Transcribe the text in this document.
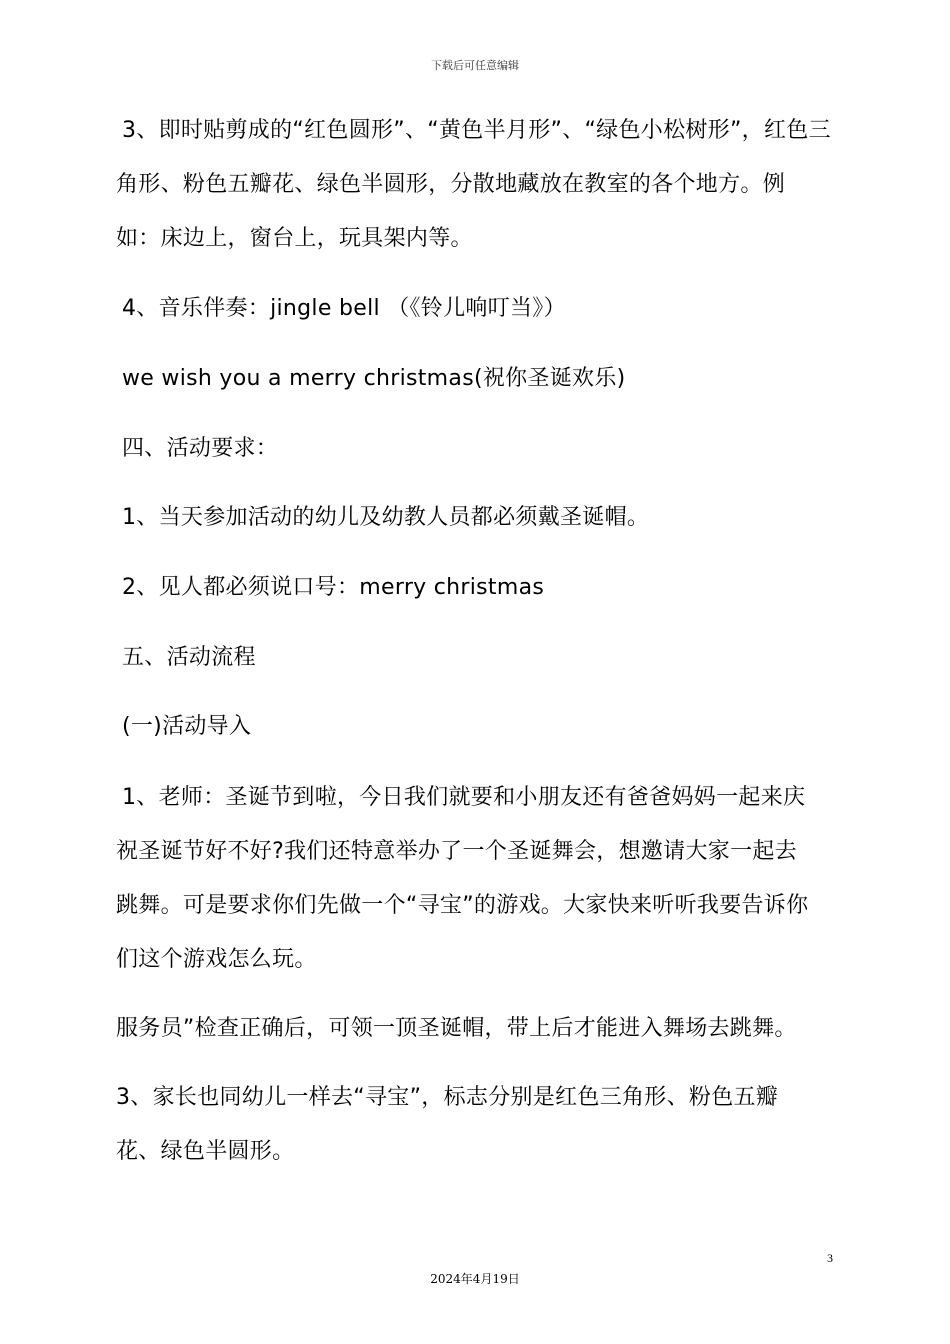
下载后可任意编辑
3、即时贴剪成的“红色圆形”、“黄色半月形”、“绿色小松树形”，红色三
角形、粉色五瓣花、绿色半圆形，分散地藏放在教室的各个地方。例
如：床边上，窗台上，玩具架内等。
4、音乐伴奏：jingle bell （《铃儿响叮当》）
we wish you a merry christmas(祝你圣诞欢乐)
四、活动要求：
1、当天参加活动的幼儿及幼教人员都必须戴圣诞帽。
2、见人都必须说口号：merry christmas
五、活动流程
(一)活动导入
1、老师：圣诞节到啦，今日我们就要和小朋友还有爸爸妈妈一起来庆
祝圣诞节好不好?我们还特意举办了一个圣诞舞会，想邀请大家一起去
跳舞。可是要求你们先做一个“寻宝”的游戏。大家快来听听我要告诉你
们这个游戏怎么玩。
服务员”检查正确后，可领一顶圣诞帽，带上后才能进入舞场去跳舞。
3、家长也同幼儿一样去“寻宝”，标志分别是红色三角形、粉色五瓣
花、绿色半圆形。
3
2024年4月19日
